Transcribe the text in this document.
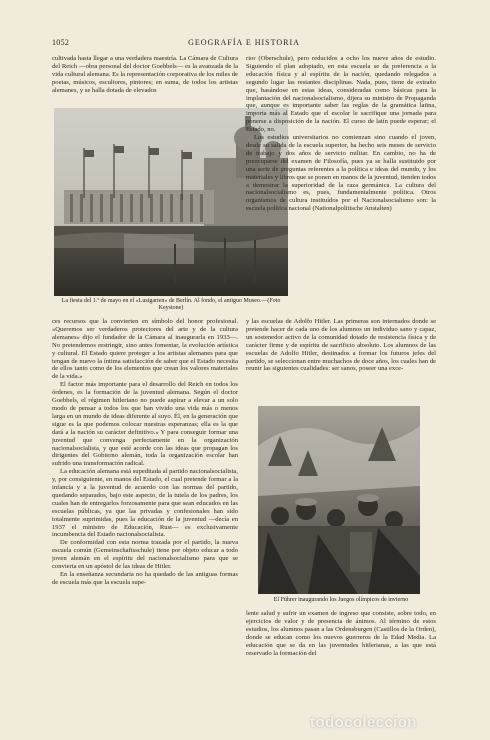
1052	GEOGRAFÍA E HISTORIA

cultivada hasta llegar a una verdadera maestría. La Cámara de Cultura del Reich —obra personal del doctor Goebbels— es la avanzada de la vida cultural alemana. Es la representación corporativa de los miles de poetas, músicos, escultores, pintores; en suma, de todos los artistas alemanes, y se halla dotada de elevados

La fiesta del 1.º de mayo en el «Lustgarten» de Berlín. Al fondo, el antiguo Museo.—(Foto Keystone)

ces recursos que la convierten en símbolo del honor profesional. «Queremos ser verdaderos protectores del arte y de la cultura alemanes» dijo el fundador de la Cámara al inaugurarla en 1933—. No pretendemos restringir, sino antes fomentar, la evolución artística y cultural. El Estado quiere proteger a los artistas alemanes para que tengan de nuevo la íntima satisfacción de saber que el Estado necesita de ellos tanto como de los elementos que crean los valores materiales de la vida.»

El factor más importante para el desarrollo del Reich en todos los órdenes, es la formación de la juventud alemana. Según el doctor Goebbels, el régimen hitleriano no puede aspirar a elevar a un solo modo de pensar a todos los que han vivido una vida más o menos larga en un mundo de ideas diferente al suyo. Él, en la generación que sigue es la que podemos colocar nuestras esperanzas; ella es la que dará a la nación su carácter definitivo.» Y para conseguir formar una juventud que convenga perfectamente en la organización nacionalsocialista, y que esté acorde con las ideas que propagan los dirigentes del Gobierno alemán, toda la organización escolar han sufrido una transformación radical.

La educación alemana está supeditada al partido nacionalsocialista, y, por consiguiente, en manos del Estado, el cual pretende formar a la infancia y a la juventud de acuerdo con las normas del partido, quedando separados, bajo este aspecto, de la tutela de los padres, los cuales han de entregarlos forzosamente para que sean educados en las escuelas públicas, ya que las privadas y confesionales han sido totalmente suprimidas, pues la educación de la juventud —decía en 1937 el ministro de Educación, Rust— es exclusivamente incumbencia del Estado nacionalsocialista.

De conformidad con esta norma trazada por el partido, la nueva escuela común (Gemeinschaftsschule) tiene por objeto educar a todo joven alemán en el espíritu del nacionalsocialismo para que se convierta en un apóstol de las ideas de Hitler.

En la enseñanza secundaria no ha quedado de las antiguas formas de escuela más que la escuela supe-

rior (Oberschule), pero reducidos a ocho los nueve años de estudio. Siguiendo el plan adoptado, en esta escuela se da preferencia a la educación física y al espíritu de la nación, quedando relegados a segundo lugar las restantes disciplinas. Nada, pues, tiene de extraño que, basándose en estas ideas, consideradas como básicas para la implantación del nacionalsocialismo, dijera su ministro de Propaganda que, aunque es importante saber las reglas de la gramática latina, importa más al Estado que el escolar le sacrifique una jornada para ponerse a disposición de la nación. El curso de latín puede esperar; el Estado, no.

Los estudios universitarios no comienzan sino cuando el joven, desde su salida de la escuela superior, ha hecho seis meses de servicio de trabajo y dos años de servicio militar. En cambio, no ha de preocuparse del examen de Filosofía, pues ya se halla sustituido por una serie de preguntas referentes a la política e ideas del mundo, y los materiales y libros que se ponen en manos de la juventud, tienden todos a demostrar la superioridad de la raza germánica. La cultura del nacionalsocialismo es, pues, fundamentalmente política. Otros organismos de cultura instituídos por el Nacionalsocialismo son: la escuela política nacional (Nationalpolitische Anstalten)

y las escuelas de Adolfo Hitler. Las primeras son internados donde se pretende hacer de cada uno de los alumnos un individuo sano y capaz, un sostenedor activo de la comunidad dotado de resistencia física y de carácter firme y de espíritu de sacrificio absoluto. Los alumnos de las escuelas de Adolfo Hitler, destinados a formar los futuros jefes del partido, se seleccionan entre muchachos de doce años, los cuales han de reunir las siguientes cualidades: ser sanos, poseer una exce-

El Führer inaugurando los Juegos olímpicos de invierno

lente salud y sufrir un examen de ingreso que consiste, sobre todo, en ejercicios de valor y de presencia de ánimos. Al término de estos estudios, los alumnos pasan a las Ordensburgen (Castillos de la Orden), donde se educan como los nuevos guerreros de la Edad Media. La educación que se da en las juventudes hitlerianas, a las que está reservado la formación del

todocoleccion
